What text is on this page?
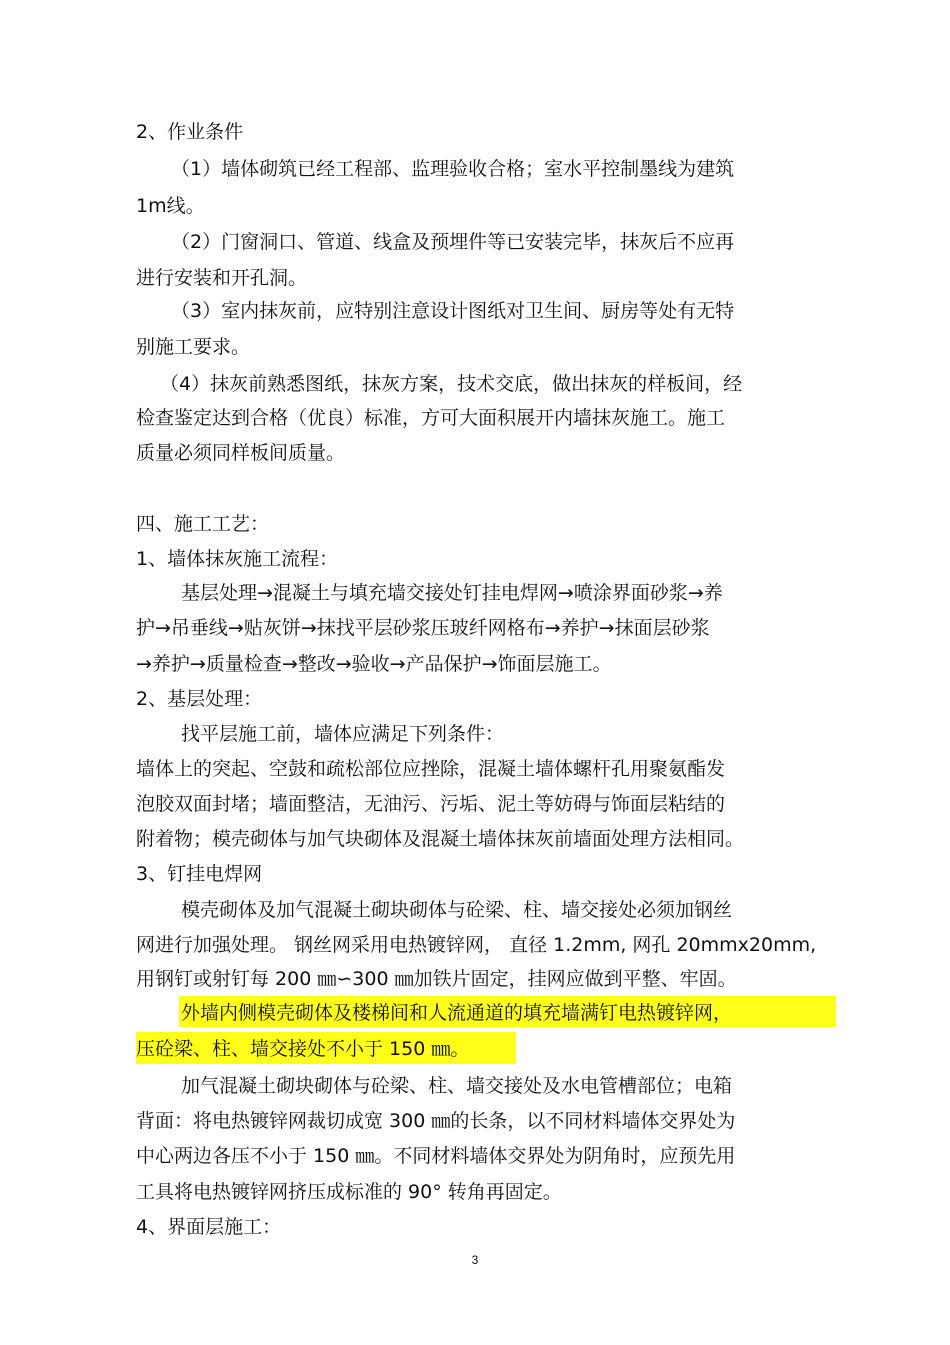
2、作业条件
（1）墙体砌筑已经工程部、监理验收合格；室水平控制墨线为建筑
1m线。
（2）门窗洞口、管道、线盒及预埋件等已安装完毕，抹灰后不应再
进行安装和开孔洞。
（3）室内抹灰前，应特别注意设计图纸对卫生间、厨房等处有无特
别施工要求。
（4）抹灰前熟悉图纸，抹灰方案，技术交底，做出抹灰的样板间，经
检查鉴定达到合格（优良）标准，方可大面积展开内墙抹灰施工。施工
质量必须同样板间质量。
四、施工工艺：
1、墙体抹灰施工流程：
基层处理→混凝土与填充墙交接处钉挂电焊网→喷涂界面砂浆→养
护→吊垂线→贴灰饼→抹找平层砂浆压玻纤网格布→养护→抹面层砂浆
→养护→质量检查→整改→验收→产品保护→饰面层施工。
2、基层处理：
找平层施工前，墙体应满足下列条件：
墙体上的突起、空鼓和疏松部位应挫除，混凝土墙体螺杆孔用聚氨酯发
泡胶双面封堵；墙面整洁，无油污、污垢、泥土等妨碍与饰面层粘结的
附着物；模壳砌体与加气块砌体及混凝土墙体抹灰前墙面处理方法相同。
3、钉挂电焊网
模壳砌体及加气混凝土砌块砌体与砼梁、柱、墙交接处必须加钢丝
网进行加强处理。 钢丝网采用电热镀锌网， 直径 1.2mm, 网孔 20mmx20mm,
用钢钉或射钉每 200 ㎜∽300 ㎜加铁片固定，挂网应做到平整、牢固。
外墙内侧模壳砌体及楼梯间和人流通道的填充墙满钉电热镀锌网，
压砼梁、柱、墙交接处不小于 150 ㎜。
加气混凝土砌块砌体与砼梁、柱、墙交接处及水电管槽部位；电箱
背面：将电热镀锌网裁切成宽 300 ㎜的长条，以不同材料墙体交界处为
中心两边各压不小于 150 ㎜。不同材料墙体交界处为阴角时，应预先用
工具将电热镀锌网挤压成标准的 90° 转角再固定。
4、界面层施工：
3
